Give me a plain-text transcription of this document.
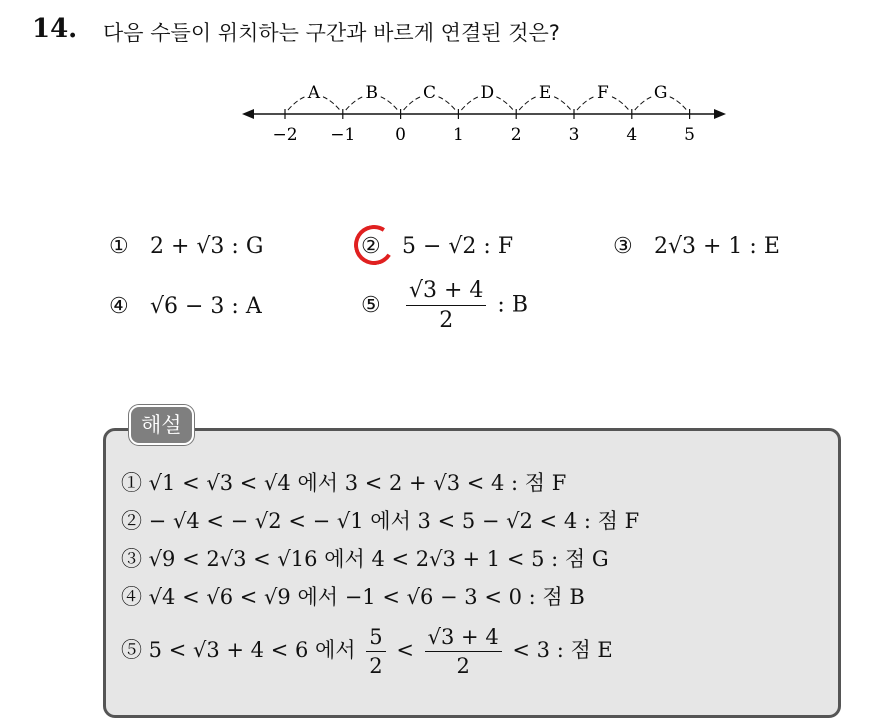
14. 다음 수들이 위치하는 구간과 바르게 연결된 것은?
−2 −1 0	1	2	3	4	5
A	B	C	D	E	F	G
① 2 + √3 : G	② 5 − √2 : F	③ 2√3 + 1 : E
④ √6 − 3 : A	⑤ $\frac{√3 + 4}{2}$ : B
해설
① √1 < √3 < √4 에서 3 < 2 + √3 < 4 : 점 F
② − √4 < − √2 < − √1 에서 3 < 5 − √2 < 4 : 점 F
③ √9 < 2√3 < √16 에서 4 < 2√3 + 1 < 5 : 점 G
④ √4 < √6 < √9 에서 −1 < √6 − 3 < 0 : 점 B
⑤ 5 < √3 + 4 < 6 에서 $\frac{5}{2} < \frac{√3 + 4}{2} < 3$ : 점 E
